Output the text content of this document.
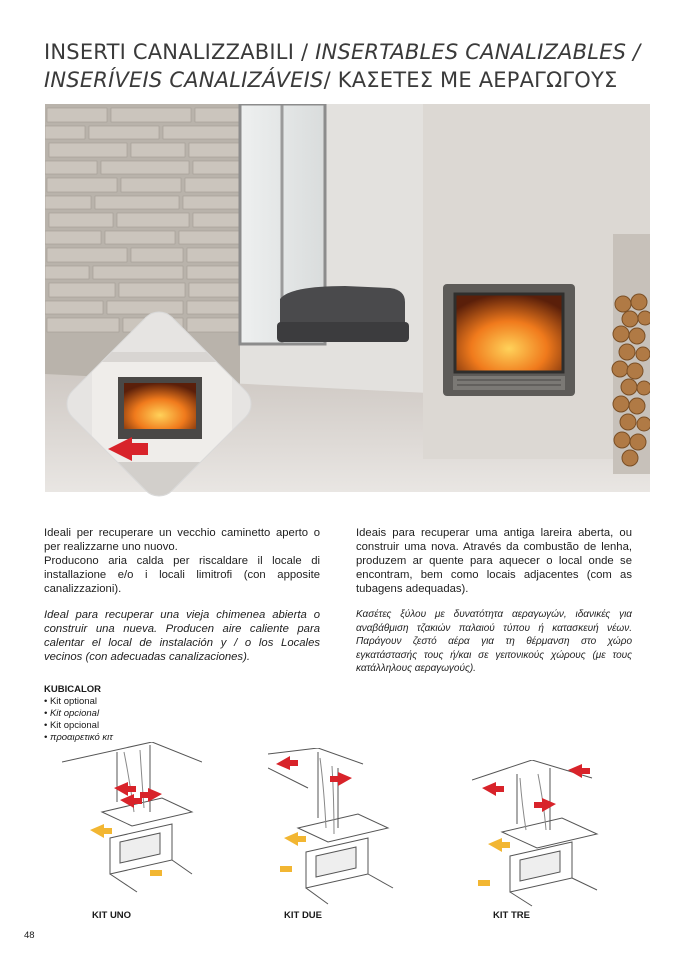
INSERTI CANALIZZABILI / INSERTABLES CANALIZABLES /
INSERÍVEIS CANALIZÁVEIS/ ΚΑΣΕΤΕΣ ΜΕ ΑΕΡΑΓΩΓΟΥΣ

Ideali per recuperare un vecchio caminetto aperto o per realizzarne uno nuovo.

Producono aria calda per riscaldare il locale di installazione e/o i locali limitrofi (con apposite canalizzazioni).

Ideal para recuperar una vieja chimenea abierta o construir una nueva. Producen aire caliente para calentar el local de instalación y / o los Locales vecinos (con adecuadas canalizaciones).

Ideais para recuperar uma antiga lareira aberta, ou construir uma nova. Através da combustão de lenha, produzem ar quente para aquecer o local onde se encontram, bem como locais adjacentes (com as tubagens adequadas).

Κασέτες ξύλου με δυνατότητα αεραγωγών, ιδανικές για αναβάθμιση τζακιών παλαιού τύπου ή κατασκευή νέων. Παράγουν ζεστό αέρα για τη θέρμανση στο χώρο εγκατάστασής τους ή/και σε γειτονικούς χώρους (με τους κατάλληλους αεραγωγούς).

KUBICALOR
• Kit optional
• Kit opcional
• Kit opcional
• προαιρετικό κιτ
KIT UNO	KIT DUE	KIT TRE
48
